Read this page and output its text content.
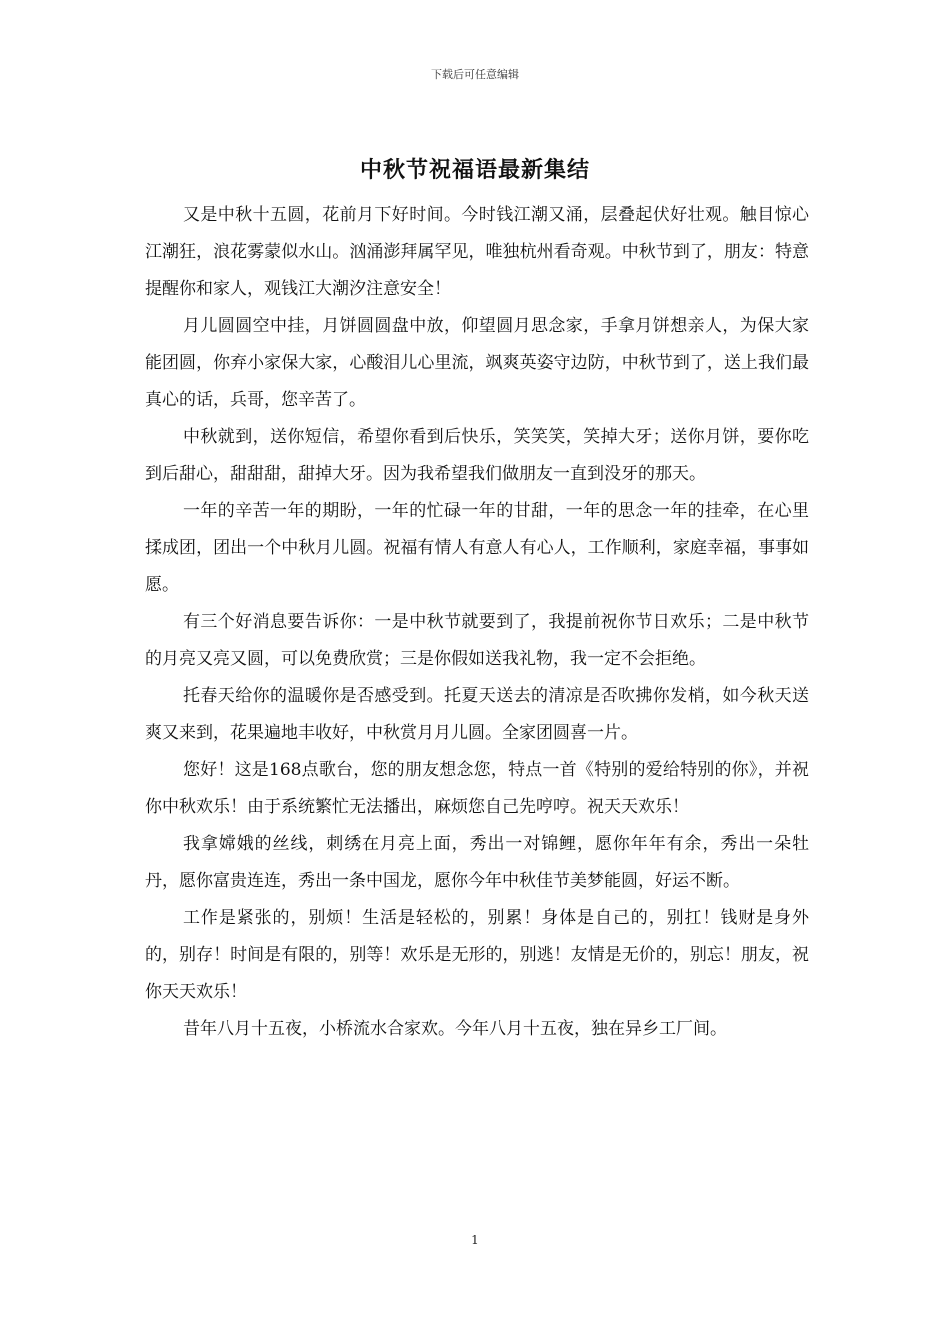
下载后可任意编辑
中秋节祝福语最新集结

又是中秋十五圆，花前月下好时间。今时钱江潮又涌，层叠起伏好壮观。触目惊心江潮狂，浪花雾蒙似水山。汹涌澎拜属罕见，唯独杭州看奇观。中秋节到了，朋友：特意提醒你和家人，观钱江大潮汐注意安全！

月儿圆圆空中挂，月饼圆圆盘中放，仰望圆月思念家，手拿月饼想亲人，为保大家能团圆，你弃小家保大家，心酸泪儿心里流，飒爽英姿守边防，中秋节到了，送上我们最真心的话，兵哥，您辛苦了。

中秋就到，送你短信，希望你看到后快乐，笑笑笑，笑掉大牙；送你月饼，要你吃到后甜心，甜甜甜，甜掉大牙。因为我希望我们做朋友一直到没牙的那天。

一年的辛苦一年的期盼，一年的忙碌一年的甘甜，一年的思念一年的挂牵，在心里揉成团，团出一个中秋月儿圆。祝福有情人有意人有心人，工作顺利，家庭幸福，事事如愿。

有三个好消息要告诉你：一是中秋节就要到了，我提前祝你节日欢乐；二是中秋节的月亮又亮又圆，可以免费欣赏；三是你假如送我礼物，我一定不会拒绝。

托春天给你的温暖你是否感受到。托夏天送去的清凉是否吹拂你发梢，如今秋天送爽又来到，花果遍地丰收好，中秋赏月月儿圆。全家团圆喜一片。

您好！这是168点歌台，您的朋友想念您，特点一首《特别的爱给特别的你》，并祝你中秋欢乐！由于系统繁忙无法播出，麻烦您自己先哼哼。祝天天欢乐！

我拿嫦娥的丝线，刺绣在月亮上面，秀出一对锦鲤，愿你年年有余，秀出一朵牡丹，愿你富贵连连，秀出一条中国龙，愿你今年中秋佳节美梦能圆，好运不断。

工作是紧张的，别烦！生活是轻松的，别累！身体是自己的，别扛！钱财是身外的，别存！时间是有限的，别等！欢乐是无形的，别逃！友情是无价的，别忘！朋友，祝你天天欢乐！

昔年八月十五夜，小桥流水合家欢。今年八月十五夜，独在异乡工厂间。

1
